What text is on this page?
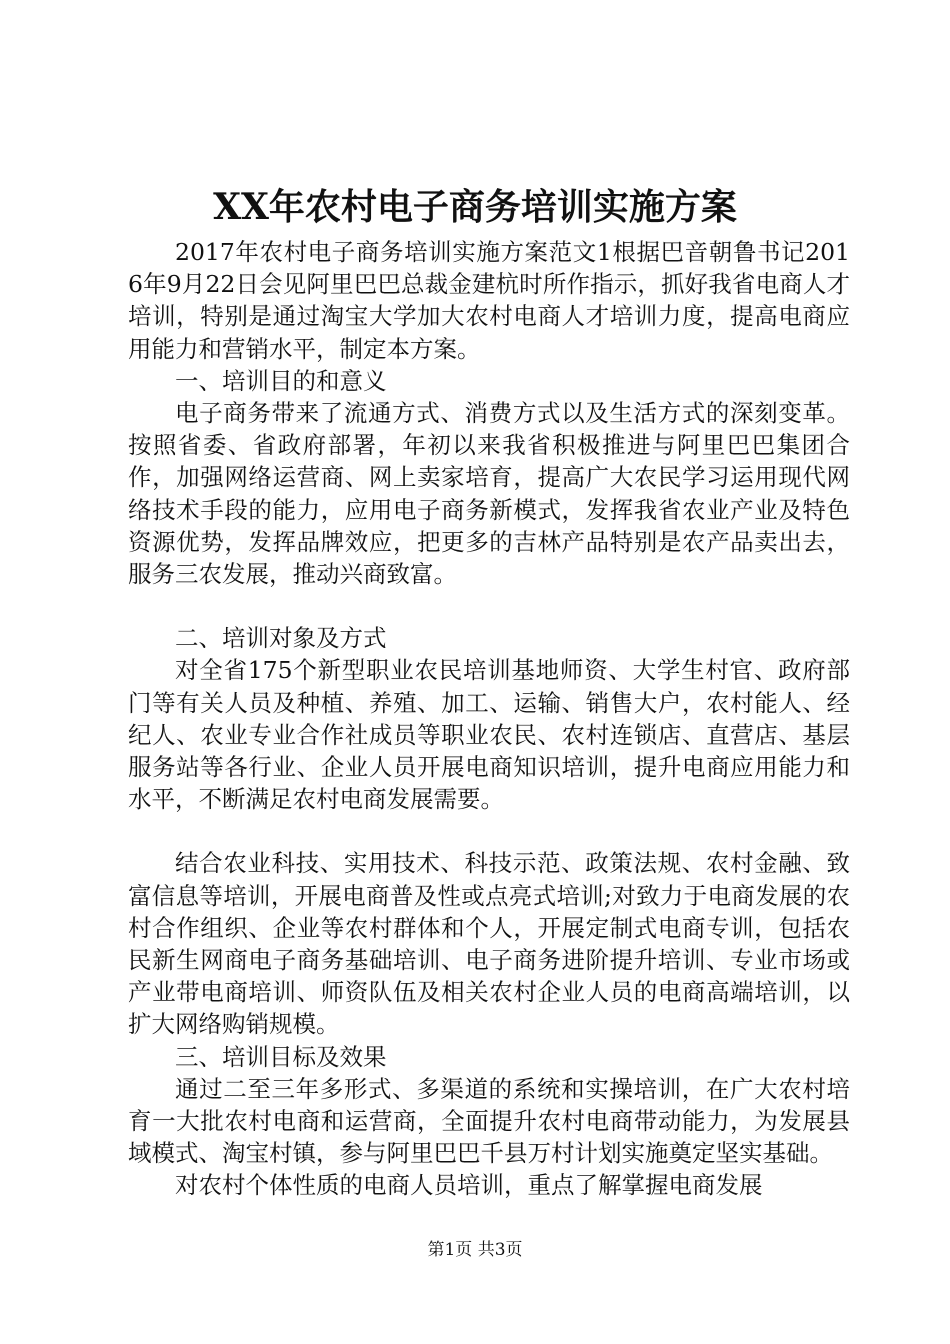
XX年农村电子商务培训实施方案

2017年农村电子商务培训实施方案范文1根据巴音朝鲁书记2016年9月22日会见阿里巴巴总裁金建杭时所作指示，抓好我省电商人才培训，特别是通过淘宝大学加大农村电商人才培训力度，提高电商应用能力和营销水平，制定本方案。

一、培训目的和意义

电子商务带来了流通方式、消费方式以及生活方式的深刻变革。按照省委、省政府部署，年初以来我省积极推进与阿里巴巴集团合作，加强网络运营商、网上卖家培育，提高广大农民学习运用现代网络技术手段的能力，应用电子商务新模式，发挥我省农业产业及特色资源优势，发挥品牌效应，把更多的吉林产品特别是农产品卖出去，服务三农发展，推动兴商致富。

二、培训对象及方式

对全省175个新型职业农民培训基地师资、大学生村官、政府部门等有关人员及种植、养殖、加工、运输、销售大户，农村能人、经纪人、农业专业合作社成员等职业农民、农村连锁店、直营店、基层服务站等各行业、企业人员开展电商知识培训，提升电商应用能力和水平，不断满足农村电商发展需要。

结合农业科技、实用技术、科技示范、政策法规、农村金融、致富信息等培训，开展电商普及性或点亮式培训;对致力于电商发展的农村合作组织、企业等农村群体和个人，开展定制式电商专训，包括农民新生网商电子商务基础培训、电子商务进阶提升培训、专业市场或产业带电商培训、师资队伍及相关农村企业人员的电商高端培训，以扩大网络购销规模。

三、培训目标及效果

通过二至三年多形式、多渠道的系统和实操培训，在广大农村培育一大批农村电商和运营商，全面提升农村电商带动能力，为发展县域模式、淘宝村镇，参与阿里巴巴千县万村计划实施奠定坚实基础。

对农村个体性质的电商人员培训，重点了解掌握电商发展

第1页 共3页
